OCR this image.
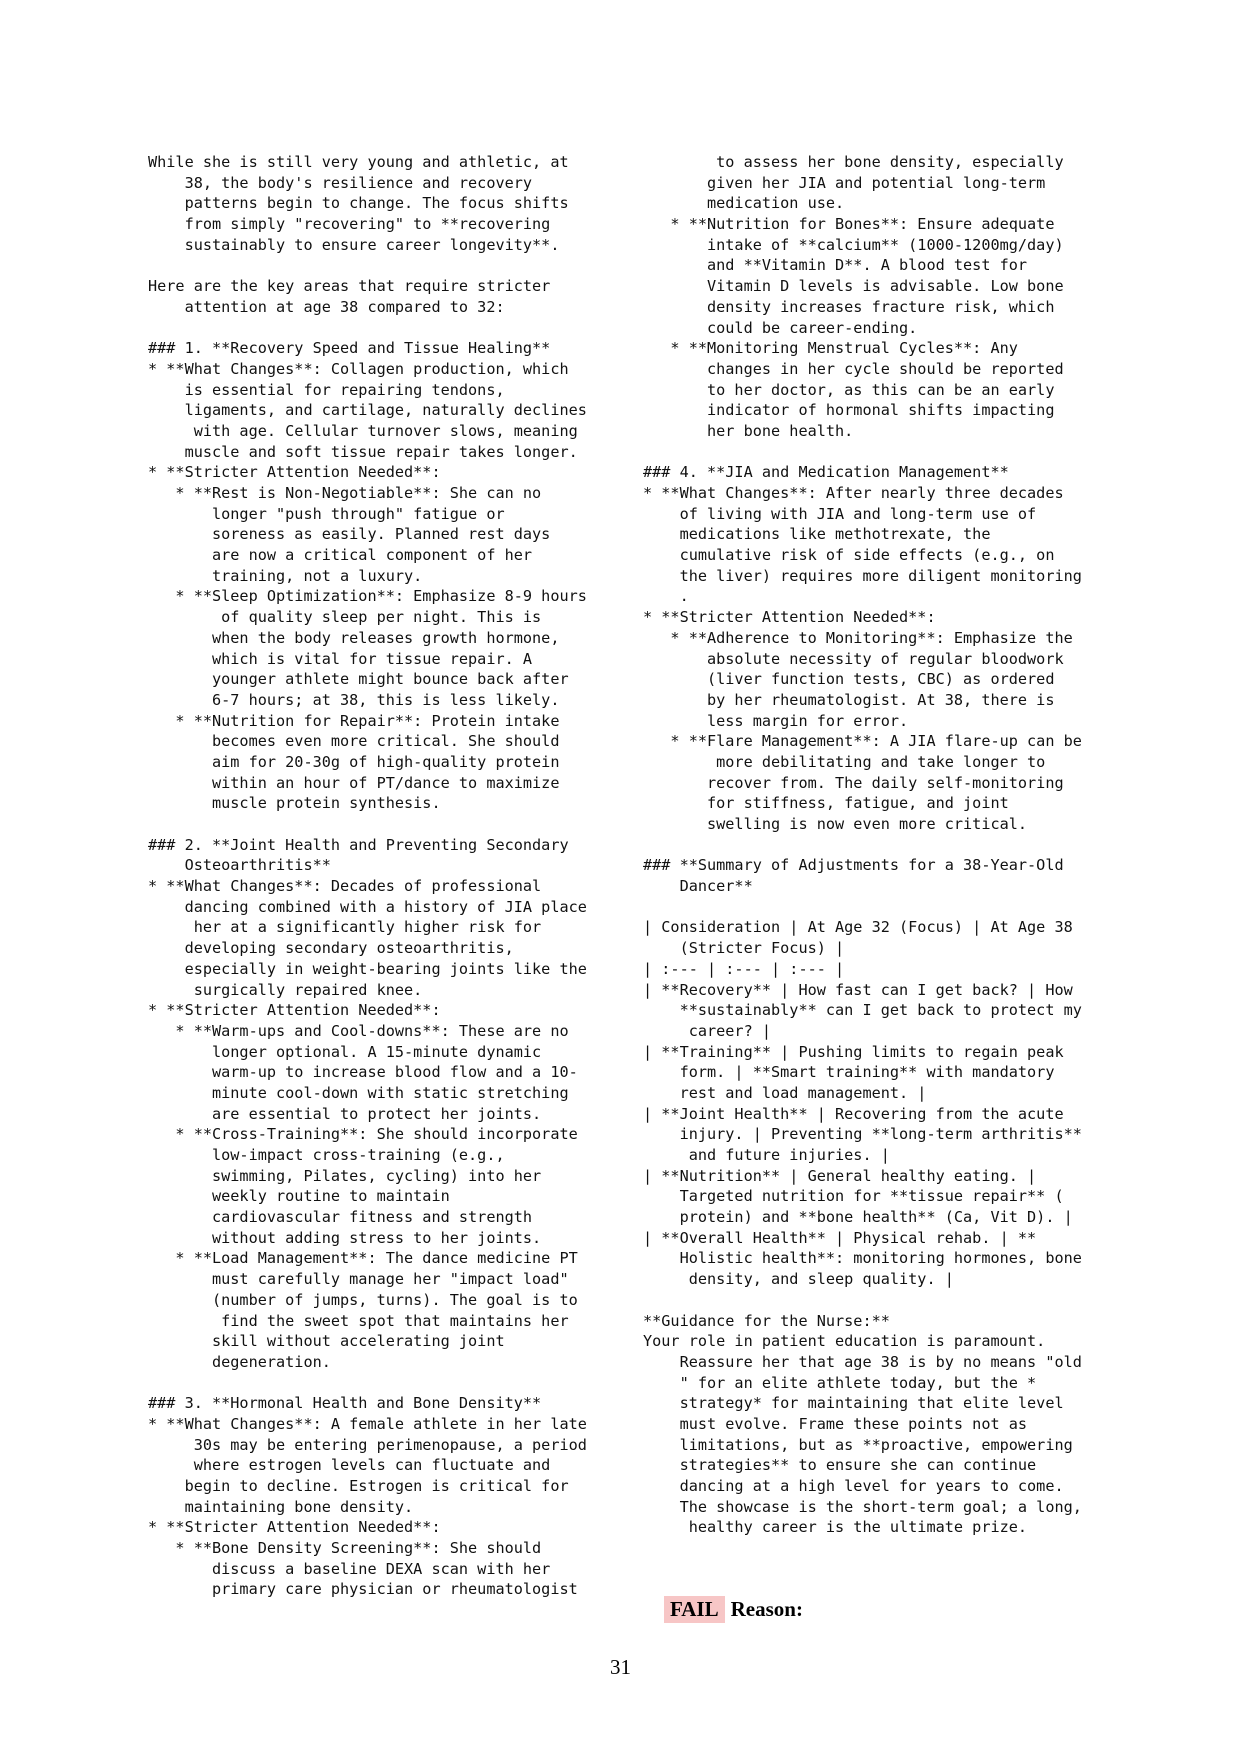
While she is still very young and athletic, at
38, the body's resilience and recovery
patterns begin to change. The focus shifts
from simply "recovering" to **recovering
sustainably to ensure career longevity**.
Here are the key areas that require stricter
attention at age 38 compared to 32:
### 1. **Recovery Speed and Tissue Healing**
* **What Changes**: Collagen production, which
is essential for repairing tendons,
ligaments, and cartilage, naturally declines
with age. Cellular turnover slows, meaning
muscle and soft tissue repair takes longer.
* **Stricter Attention Needed**:
* **Rest is Non-Negotiable**: She can no
longer "push through" fatigue or
soreness as easily. Planned rest days
are now a critical component of her
training, not a luxury.
* **Sleep Optimization**: Emphasize 8-9 hours
of quality sleep per night. This is
when the body releases growth hormone,
which is vital for tissue repair. A
younger athlete might bounce back after
6-7 hours; at 38, this is less likely.
* **Nutrition for Repair**: Protein intake
becomes even more critical. She should
aim for 20-30g of high-quality protein
within an hour of PT/dance to maximize
muscle protein synthesis.
### 2. **Joint Health and Preventing Secondary
Osteoarthritis**
* **What Changes**: Decades of professional
dancing combined with a history of JIA place
her at a significantly higher risk for
developing secondary osteoarthritis,
especially in weight-bearing joints like the
surgically repaired knee.
* **Stricter Attention Needed**:
* **Warm-ups and Cool-downs**: These are no
longer optional. A 15-minute dynamic
warm-up to increase blood flow and a 10-
minute cool-down with static stretching
are essential to protect her joints.
* **Cross-Training**: She should incorporate
low-impact cross-training (e.g.,
swimming, Pilates, cycling) into her
weekly routine to maintain
cardiovascular fitness and strength
without adding stress to her joints.
* **Load Management**: The dance medicine PT
must carefully manage her "impact load"
(number of jumps, turns). The goal is to
find the sweet spot that maintains her
skill without accelerating joint
degeneration.
### 3. **Hormonal Health and Bone Density**
* **What Changes**: A female athlete in her late
30s may be entering perimenopause, a period
where estrogen levels can fluctuate and
begin to decline. Estrogen is critical for
maintaining bone density.
* **Stricter Attention Needed**:
* **Bone Density Screening**: She should
discuss a baseline DEXA scan with her
primary care physician or rheumatologist
to assess her bone density, especially
given her JIA and potential long-term
medication use.
* **Nutrition for Bones**: Ensure adequate
intake of **calcium** (1000-1200mg/day)
and **Vitamin D**. A blood test for
Vitamin D levels is advisable. Low bone
density increases fracture risk, which
could be career-ending.
* **Monitoring Menstrual Cycles**: Any
changes in her cycle should be reported
to her doctor, as this can be an early
indicator of hormonal shifts impacting
her bone health.
### 4. **JIA and Medication Management**
* **What Changes**: After nearly three decades
of living with JIA and long-term use of
medications like methotrexate, the
cumulative risk of side effects (e.g., on
the liver) requires more diligent monitoring
.
* **Stricter Attention Needed**:
* **Adherence to Monitoring**: Emphasize the
absolute necessity of regular bloodwork
(liver function tests, CBC) as ordered
by her rheumatologist. At 38, there is
less margin for error.
* **Flare Management**: A JIA flare-up can be
more debilitating and take longer to
recover from. The daily self-monitoring
for stiffness, fatigue, and joint
swelling is now even more critical.
### **Summary of Adjustments for a 38-Year-Old
Dancer**
| Consideration | At Age 32 (Focus) | At Age 38
(Stricter Focus) |
| :--- | :--- | :--- |
| **Recovery** | How fast can I get back? | How
**sustainably** can I get back to protect my
career? |
| **Training** | Pushing limits to regain peak
form. | **Smart training** with mandatory
rest and load management. |
| **Joint Health** | Recovering from the acute
injury. | Preventing **long-term arthritis**
and future injuries. |
| **Nutrition** | General healthy eating. |
Targeted nutrition for **tissue repair** (
protein) and **bone health** (Ca, Vit D). |
| **Overall Health** | Physical rehab. | **
Holistic health**: monitoring hormones, bone
density, and sleep quality. |
**Guidance for the Nurse:**
Your role in patient education is paramount.
Reassure her that age 38 is by no means "old
" for an elite athlete today, but the *
strategy* for maintaining that elite level
must evolve. Frame these points not as
limitations, but as **proactive, empowering
strategies** to ensure she can continue
dancing at a high level for years to come.
The showcase is the short-term goal; a long,
healthy career is the ultimate prize.
FAIL Reason:
31
